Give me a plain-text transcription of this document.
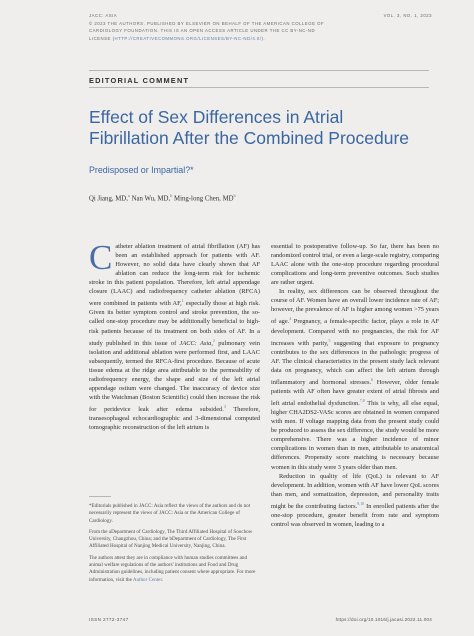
JACC: ASIA
© 2023 THE AUTHORS. PUBLISHED BY ELSEVIER ON BEHALF OF THE AMERICAN COLLEGE OF CARDIOLOGY FOUNDATION. THIS IS AN OPEN ACCESS ARTICLE UNDER THE CC BY-NC-ND LICENSE (HTTP://CREATIVECOMMONS.ORG/LICENSES/BY-NC-ND/4.0/).
VOL. 3, NO. 1, 2023
EDITORIAL COMMENT
Effect of Sex Differences in Atrial Fibrillation After the Combined Procedure
Predisposed or Impartial?*
Qi Jiang, MD,$^a$ Nan Wu, MD,$^b$ Ming-long Chen, $MD^b$

Catheter ablation treatment of atrial fibrillation (AF) has been an established approach for patients with AF. However, no solid data have clearly shown that AF ablation can reduce the long-term risk for ischemic stroke in this patient population. Therefore, left atrial appendage closure (LAAC) and radiofrequency catheter ablation (RFCA) were combined in patients with AF,$^1$ especially those at high risk. Given its better symptom control and stroke prevention, the so-called one-stop procedure may be additionally beneficial to high-risk patients because of its treatment on both sides of AF. In a study published in this issue of JACC: Asia,$^2$ pulmonary vein isolation and additional ablation were performed first, and LAAC subsequently, termed the RFCA-first procedure. Because of acute tissue edema at the ridge area attributable to the permeability of radiofrequency energy, the shape and size of the left atrial appendage ostium were changed. The inaccuracy of device size with the Watchman (Boston Scientific) could then increase the risk for peridevice leak after edema subsided.$^3$ Therefore, transesophageal echocardiographic and 3-dimensional computed tomographic reconstruction of the left atrium is

*Editorials published in JACC: Asia reflect the views of the authors and do not necessarily represent the views of JACC: Asia or the American College of Cardiology.

From the aDepartment of Cardiology, The Third Affiliated Hospital of Soochow University, Changzhou, China; and the bDepartment of Cardiology, The First Affiliated Hospital of Nanjing Medical University, Nanjing, China.

The authors attest they are in compliance with human studies committees and animal welfare regulations of the authors' institutions and Food and Drug Administration guidelines, including patient consent where appropriate. For more information, visit the Author Center.

essential to postoperative follow-up. So far, there has been no randomized control trial, or even a large-scale registry, comparing LAAC alone with the one-stop procedure regarding procedural complications and long-term preventive outcomes. Such studies are rather urgent.

In reality, sex differences can be observed throughout the course of AF. Women have an overall lower incidence rate of AF; however, the prevalence of AF is higher among women >75 years of age.$^4$ Pregnancy, a female-specific factor, plays a role in AF development. Compared with no pregnancies, the risk for AF increases with parity,$^5$ suggesting that exposure to pregnancy contributes to the sex differences in the pathologic progress of AF. The clinical characteristics in the present study lack relevant data on pregnancy, which can affect the left atrium through inflammatory and hormonal stresses.$^6$ However, older female patients with AF often have greater extent of atrial fibrosis and left atrial endothelial dysfunction.$^{7,8}$ This is why, all else equal, higher CHA2DS2-VASc scores are obtained in women compared with men. If voltage mapping data from the present study could be produced to assess the sex difference, the study would be more comprehensive. There was a higher incidence of minor complications in women than in men, attributable to anatomical differences. Propensity score matching is necessary because women in this study were 3 years older than men.

Reduction in quality of life (QoL) is relevant to AF development. In addition, women with AF have lower QoL scores than men, and somatization, depression, and personality traits might be the contributing factors.$^{9,10}$ In enrolled patients after the one-stop procedure, greater benefit from rate and symptom control was observed in women, leading to a

ISSN 2772-3747	https://doi.org/10.1016/j.jacasi.2022.11.004
